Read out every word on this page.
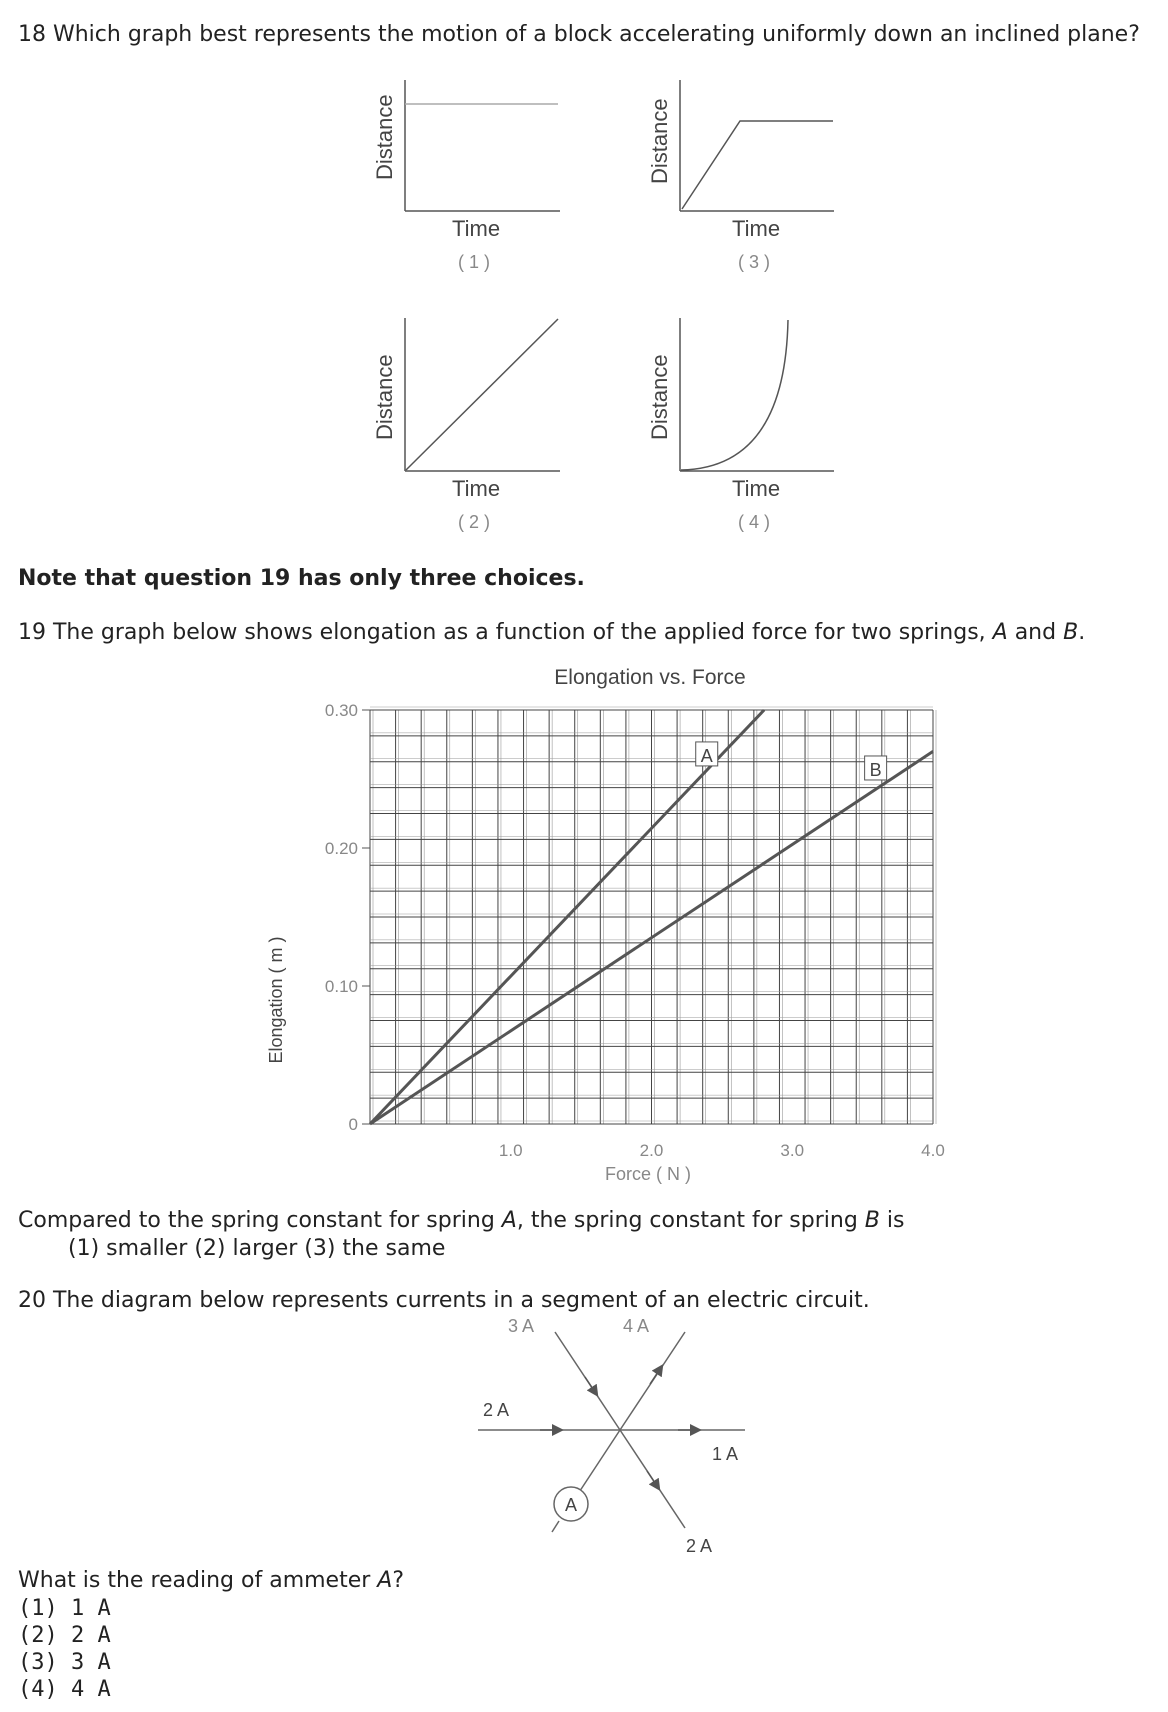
18 Which graph best represents the motion of a block accelerating uniformly down an inclined plane?
Distance
Time
( 1 )
Distance
Time
( 3 )
Distance
Time
( 2 )
Distance
Time
( 4 )
Note that question 19 has only three choices.
19 The graph below shows elongation as a function of the applied force for two springs, A and B.
Elongation vs. Force
Elongation ( m )
Force ( N )
0
0.10
0.20
0.30
1.0	2.0	3.0	4.0
A
B
Compared to the spring constant for spring A, the spring constant for spring B is
(1) smaller (2) larger (3) the same
20 The diagram below represents currents in a segment of an electric circuit.
A
3 A	4 A
2 A
1 A
2 A
What is the reading of ammeter A?
(1) 1 A
(2) 2 A
(3) 3 A
(4) 4 A
